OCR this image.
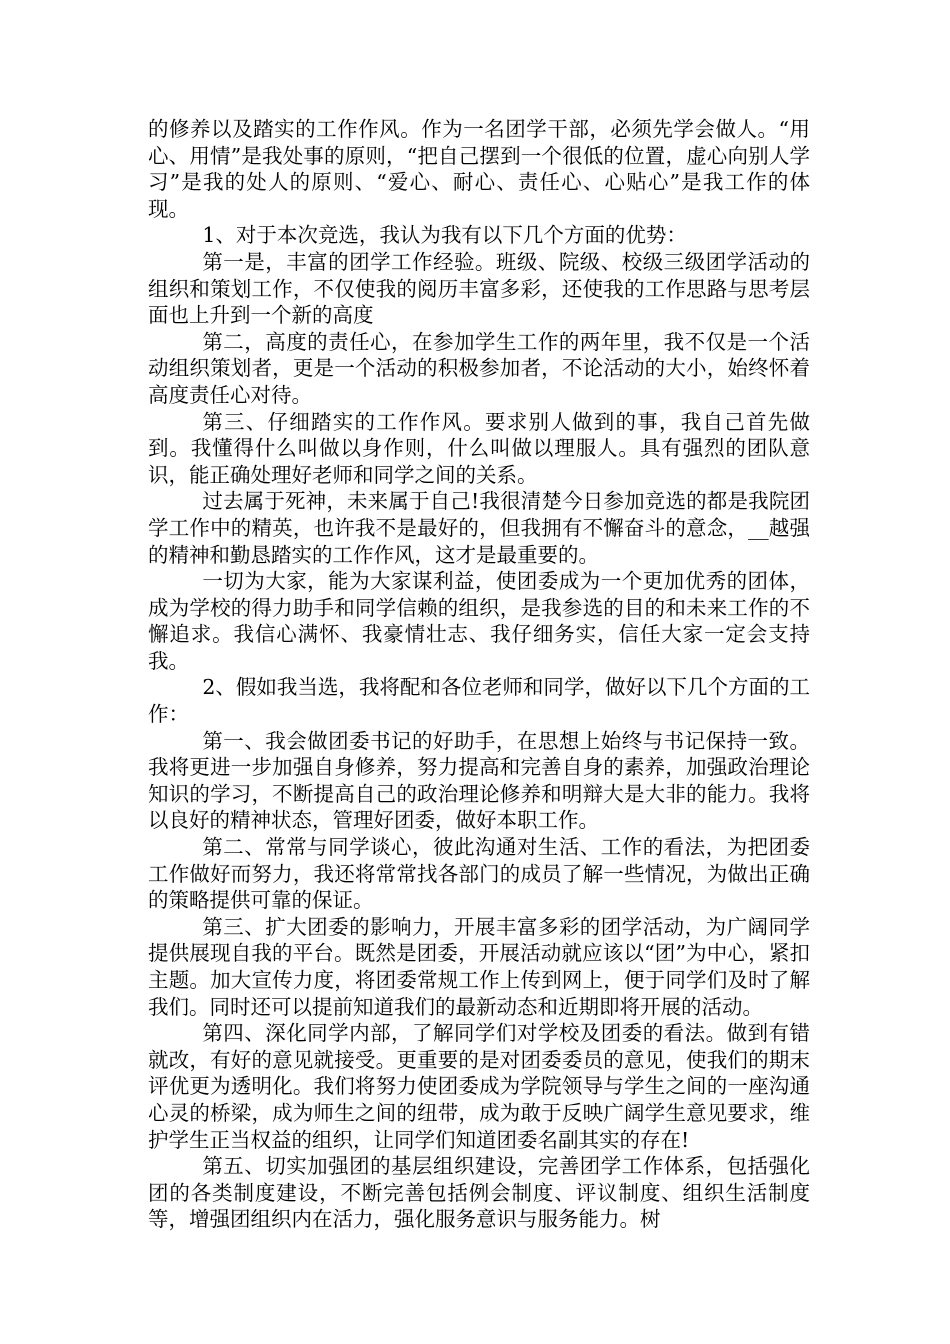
的修养以及踏实的工作作风。作为一名团学干部，必须先学会做人。“用心、用情”是我处事的原则，“把自己摆到一个很低的位置，虚心向别人学习”是我的处人的原则、“爱心、耐心、责任心、心贴心”是我工作的体现。

1、对于本次竞选，我认为我有以下几个方面的优势：

第一是，丰富的团学工作经验。班级、院级、校级三级团学活动的组织和策划工作，不仅使我的阅历丰富多彩，还使我的工作思路与思考层面也上升到一个新的高度

第二，高度的责任心，在参加学生工作的两年里，我不仅是一个活动组织策划者，更是一个活动的积极参加者，不论活动的大小，始终怀着高度责任心对待。

第三、仔细踏实的工作作风。要求别人做到的事，我自己首先做到。我懂得什么叫做以身作则，什么叫做以理服人。具有强烈的团队意识，能正确处理好老师和同学之间的关系。

过去属于死神，未来属于自己!我很清楚今日参加竞选的都是我院团学工作中的精英，也许我不是最好的，但我拥有不懈奋斗的意念，__越强的精神和勤恳踏实的工作作风，这才是最重要的。

一切为大家，能为大家谋利益，使团委成为一个更加优秀的团体，成为学校的得力助手和同学信赖的组织，是我参选的目的和未来工作的不懈追求。我信心满怀、我豪情壮志、我仔细务实，信任大家一定会支持我。

2、假如我当选，我将配和各位老师和同学，做好以下几个方面的工作：

第一、我会做团委书记的好助手，在思想上始终与书记保持一致。我将更进一步加强自身修养，努力提高和完善自身的素养，加强政治理论知识的学习，不断提高自己的政治理论修养和明辩大是大非的能力。我将以良好的精神状态，管理好团委，做好本职工作。

第二、常常与同学谈心，彼此沟通对生活、工作的看法，为把团委工作做好而努力，我还将常常找各部门的成员了解一些情况，为做出正确的策略提供可靠的保证。

第三、扩大团委的影响力，开展丰富多彩的团学活动，为广阔同学提供展现自我的平台。既然是团委，开展活动就应该以“团”为中心，紧扣主题。加大宣传力度，将团委常规工作上传到网上，便于同学们及时了解我们。同时还可以提前知道我们的最新动态和近期即将开展的活动。

第四、深化同学内部，了解同学们对学校及团委的看法。做到有错就改，有好的意见就接受。更重要的是对团委委员的意见，使我们的期末评优更为透明化。我们将努力使团委成为学院领导与学生之间的一座沟通心灵的桥梁，成为师生之间的纽带，成为敢于反映广阔学生意见要求，维护学生正当权益的组织，让同学们知道团委名副其实的存在!

第五、切实加强团的基层组织建设，完善团学工作体系，包括强化团的各类制度建设，不断完善包括例会制度、评议制度、组织生活制度等，增强团组织内在活力，强化服务意识与服务能力。树
